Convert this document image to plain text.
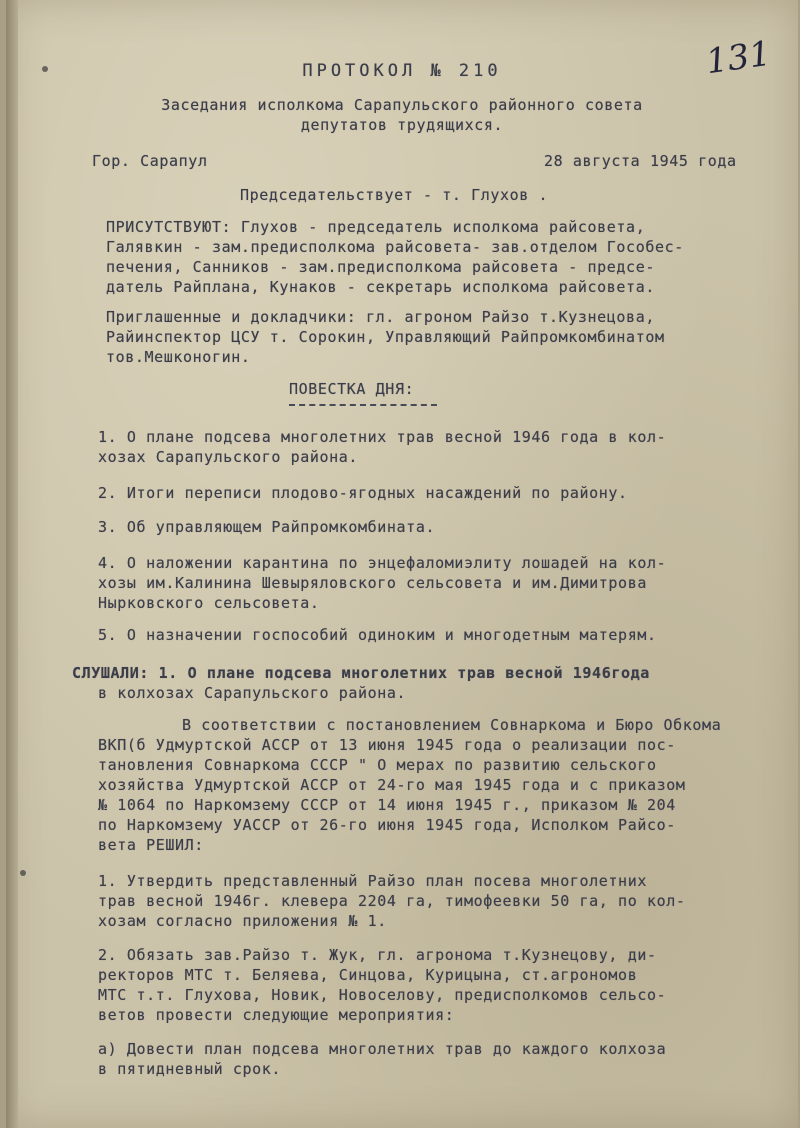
131
ПРОТОКОЛ № 210
Заседания исполкома Сарапульского районного совета
депутатов трудящихся.
Гор. Сарапул	28 августа 1945 года
Председательствует - т. Глухов .
ПРИСУТСТВУЮТ: Глухов - председатель исполкома райсовета,
Галявкин - зам.предисполкома райсовета- зав.отделом Гособес-
печения, Санников - зам.предисполкома райсовета - предсе-
датель Райплана, Кунаков - секретарь исполкома райсовета.
Приглашенные и докладчики: гл. агроном Райзо т.Кузнецова,
Райинспектор ЦСУ т. Сорокин, Управляющий Райпромкомбинатом
тов.Мешконогин.
ПОВЕСТКА ДНЯ:
1. О плане подсева многолетних трав весной 1946 года в кол-
хозах Сарапульского района.
2. Итоги переписи плодово-ягодных насаждений по району.
3. Об управляющем Райпромкомбината.
4. О наложении карантина по энцефаломиэлиту лошадей на кол-
хозы им.Калинина Шевыряловского сельсовета и им.Димитрова
Нырковского сельсовета.
5. О назначении госпособий одиноким и многодетным матерям.
СЛУШАЛИ: 1. О плане подсева многолетних трав весной 1946года
в колхозах Сарапульского района.
В соответствии с постановлением Совнаркома и Бюро Обкома
ВКП(б Удмуртской АССР от 13 июня 1945 года о реализации пос-
тановления Совнаркома СССР " О мерах по развитию сельского
хозяйства Удмуртской АССР от 24-го мая 1945 года и с приказом
№ 1064 по Наркомзему СССР от 14 июня 1945 г., приказом № 204
по Наркомзему УАССР от 26-го июня 1945 года, Исполком Райсо-
вета РЕШИЛ:
1. Утвердить представленный Райзо план посева многолетних
трав весной 1946г. клевера 2204 га, тимофеевки 50 га, по кол-
хозам согласно приложения № 1.
2. Обязать зав.Райзо т. Жук, гл. агронома т.Кузнецову, ди-
ректоров МТС т. Беляева, Синцова, Курицына, ст.агрономов
МТС т.т. Глухова, Новик, Новоселову, предисполкомов сельсо-
ветов провести следующие мероприятия:
а) Довести план подсева многолетних трав до каждого колхоза
в пятидневный срок.
